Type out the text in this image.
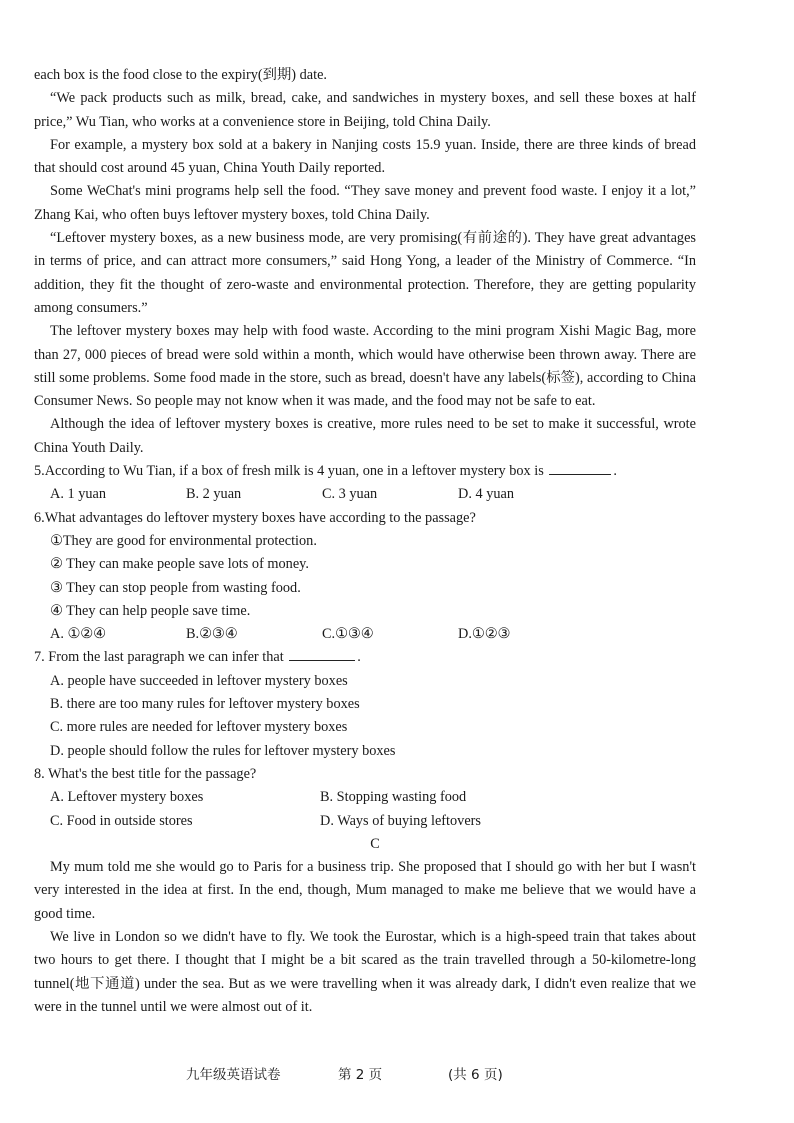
each box is the food close to the expiry(到期) date.

“We pack products such as milk, bread, cake, and sandwiches in mystery boxes, and sell these boxes at half price,” Wu Tian, who works at a convenience store in Beijing, told China Daily.

For example, a mystery box sold at a bakery in Nanjing costs 15.9 yuan. Inside, there are three kinds of bread that should cost around 45 yuan, China Youth Daily reported.

Some WeChat's mini programs help sell the food. “They save money and prevent food waste. I enjoy it a lot,” Zhang Kai, who often buys leftover mystery boxes, told China Daily.

“Leftover mystery boxes, as a new business mode, are very promising(有前途的). They have great advantages in terms of price, and can attract more consumers,” said Hong Yong, a leader of the Ministry of Commerce. “In addition, they fit the thought of zero-waste and environmental protection. Therefore, they are getting popularity among consumers.”

The leftover mystery boxes may help with food waste. According to the mini program Xishi Magic Bag, more than 27, 000 pieces of bread were sold within a month, which would have otherwise been thrown away. There are still some problems. Some food made in the store, such as bread, doesn't have any labels(标签), according to China Consumer News. So people may not know when it was made, and the food may not be safe to eat.

Although the idea of leftover mystery boxes is creative, more rules need to be set to make it successful, wrote China Youth Daily.

5.According to Wu Tian, if a box of fresh milk is 4 yuan, one in a leftover mystery box is	.

A. 1 yuan	B. 2 yuan	C. 3 yuan	D. 4 yuan

6.What advantages do leftover mystery boxes have according to the passage?

①They are good for environmental protection.

② They can make people save lots of money.

③ They can stop people from wasting food.

④ They can help people save time.

A. ①②④	B.②③④	C.①③④	D.①②③

7. From the last paragraph we can infer that	.

A. people have succeeded in leftover mystery boxes

B. there are too many rules for leftover mystery boxes

C. more rules are needed for leftover mystery boxes

D. people should follow the rules for leftover mystery boxes

8. What's the best title for the passage?

A. Leftover mystery boxes	B. Stopping wasting food
C. Food in outside stores	D. Ways of buying leftovers

C

My mum told me she would go to Paris for a business trip. She proposed that I should go with her but I wasn't very interested in the idea at first. In the end, though, Mum managed to make me believe that we would have a good time.

We live in London so we didn't have to fly. We took the Eurostar, which is a high-speed train that takes about two hours to get there. I thought that I might be a bit scared as the train travelled through a 50-kilometre-long tunnel(地下通道) under the sea. But as we were travelling when it was already dark, I didn't even realize that we were in the tunnel until we were almost out of it.

九年级英语试卷	第 2 页	(共 6 页)
